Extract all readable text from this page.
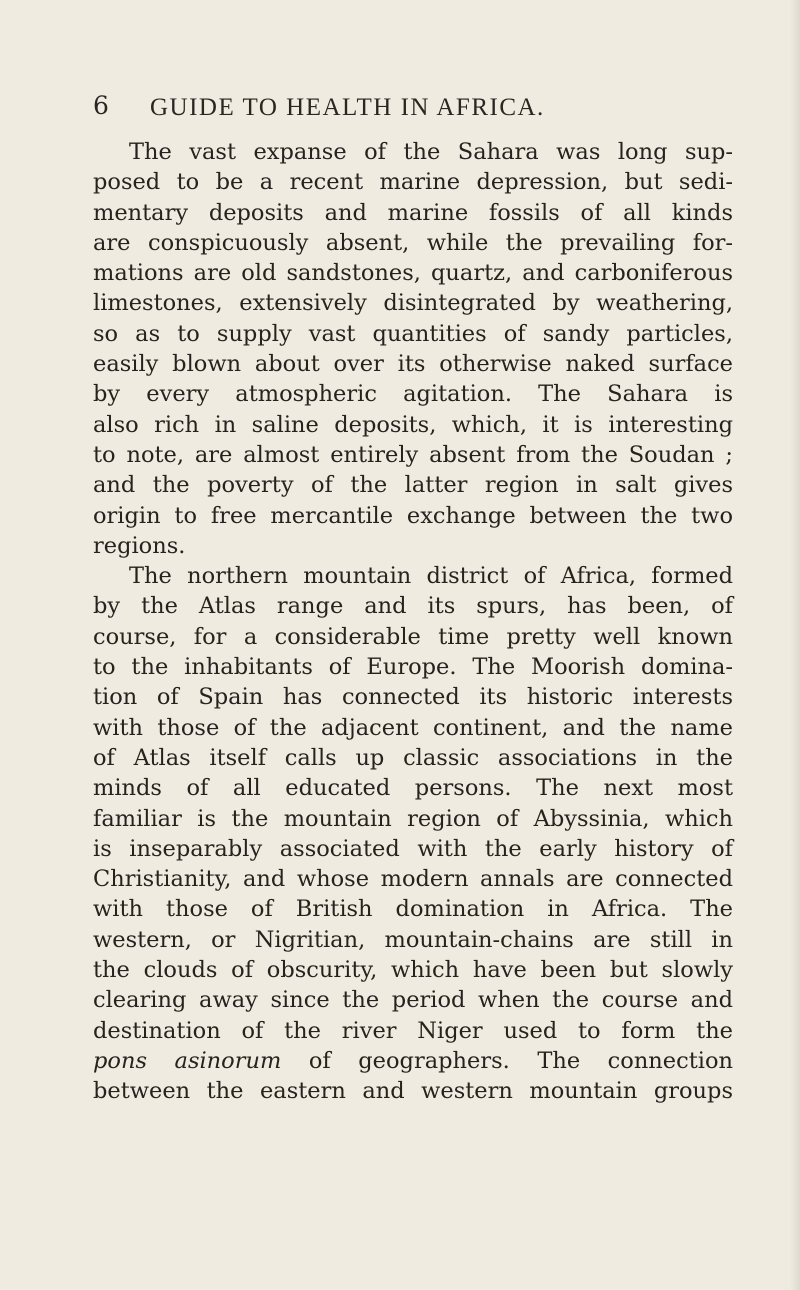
6 GUIDE TO HEALTH IN AFRICA.
The vast expanse of the Sahara was long sup-
posed to be a recent marine depression, but sedi-
mentary deposits and marine fossils of all kinds
are conspicuously absent, while the prevailing for-
mations are old sandstones, quartz, and carboniferous
limestones, extensively disintegrated by weathering,
so as to supply vast quantities of sandy particles,
easily blown about over its otherwise naked surface
by every atmospheric agitation. The Sahara is
also rich in saline deposits, which, it is interesting
to note, are almost entirely absent from the Soudan ;
and the poverty of the latter region in salt gives
origin to free mercantile exchange between the two
regions.
The northern mountain district of Africa, formed
by the Atlas range and its spurs, has been, of
course, for a considerable time pretty well known
to the inhabitants of Europe. The Moorish domina-
tion of Spain has connected its historic interests
with those of the adjacent continent, and the name
of Atlas itself calls up classic associations in the
minds of all educated persons. The next most
familiar is the mountain region of Abyssinia, which
is inseparably associated with the early history of
Christianity, and whose modern annals are connected
with those of British domination in Africa. The
western, or Nigritian, mountain-chains are still in
the clouds of obscurity, which have been but slowly
clearing away since the period when the course and
destination of the river Niger used to form the
pons asinorum of geographers. The connection
between the eastern and western mountain groups
